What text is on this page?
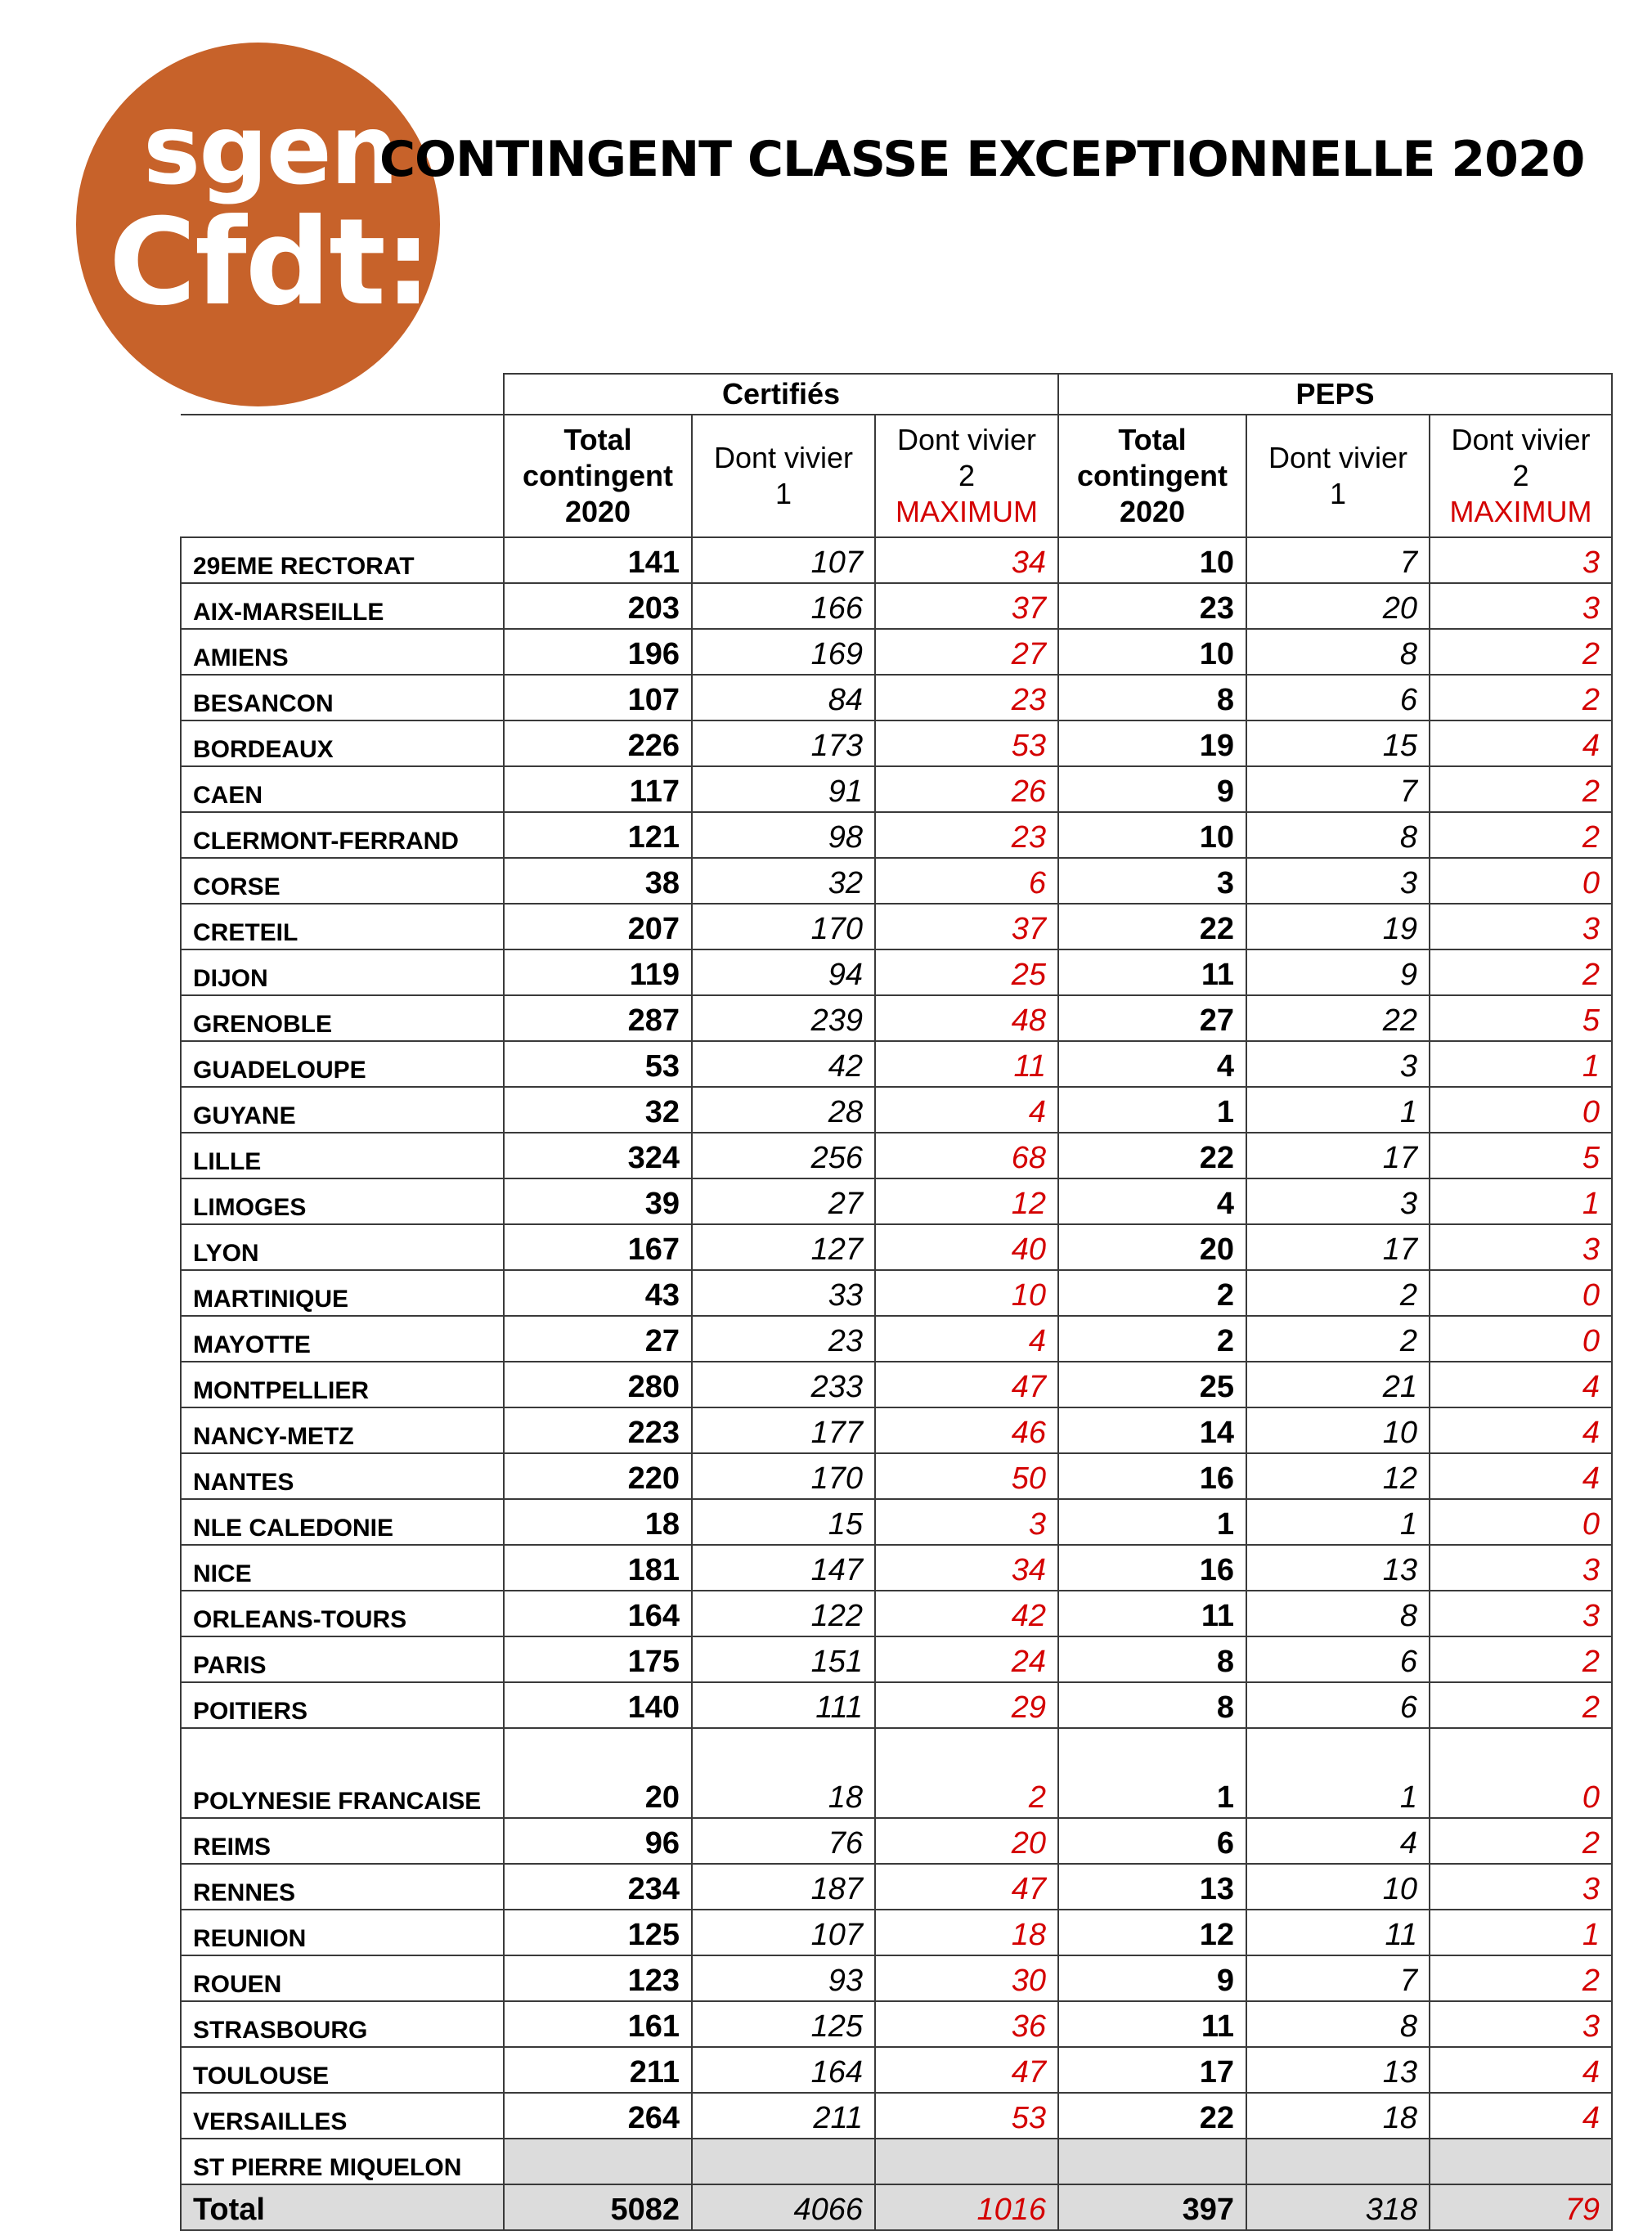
sgen
Cfdt:
CONTINGENT CLASSE EXCEPTIONNELLE 2020
	Certifiés			PEPS		
	Total
contingent
2020	Dont vivier
1	Dont vivier
2
MAXIMUM	Total
contingent
2020	Dont vivier
1	Dont vivier
2
MAXIMUM
29EME RECTORAT	141	107	34	10	7	3
AIX-MARSEILLE	203	166	37	23	20	3
AMIENS	196	169	27	10	8	2
BESANCON	107	84	23	8	6	2
BORDEAUX	226	173	53	19	15	4
CAEN	117	91	26	9	7	2
CLERMONT-FERRAND	121	98	23	10	8	2
CORSE	38	32	6	3	3	0
CRETEIL	207	170	37	22	19	3
DIJON	119	94	25	11	9	2
GRENOBLE	287	239	48	27	22	5
GUADELOUPE	53	42	11	4	3	1
GUYANE	32	28	4	1	1	0
LILLE	324	256	68	22	17	5
LIMOGES	39	27	12	4	3	1
LYON	167	127	40	20	17	3
MARTINIQUE	43	33	10	2	2	0
MAYOTTE	27	23	4	2	2	0
MONTPELLIER	280	233	47	25	21	4
NANCY-METZ	223	177	46	14	10	4
NANTES	220	170	50	16	12	4
NLE CALEDONIE	18	15	3	1	1	0
NICE	181	147	34	16	13	3
ORLEANS-TOURS	164	122	42	11	8	3
PARIS	175	151	24	8	6	2
POITIERS	140	111	29	8	6	2
POLYNESIE FRANCAISE	20	18	2	1	1	0
REIMS	96	76	20	6	4	2
RENNES	234	187	47	13	10	3
REUNION	125	107	18	12	11	1
ROUEN	123	93	30	9	7	2
STRASBOURG	161	125	36	11	8	3
TOULOUSE	211	164	47	17	13	4
VERSAILLES	264	211	53	22	18	4
ST PIERRE MIQUELON						
Total	5082	4066	1016	397	318	79
